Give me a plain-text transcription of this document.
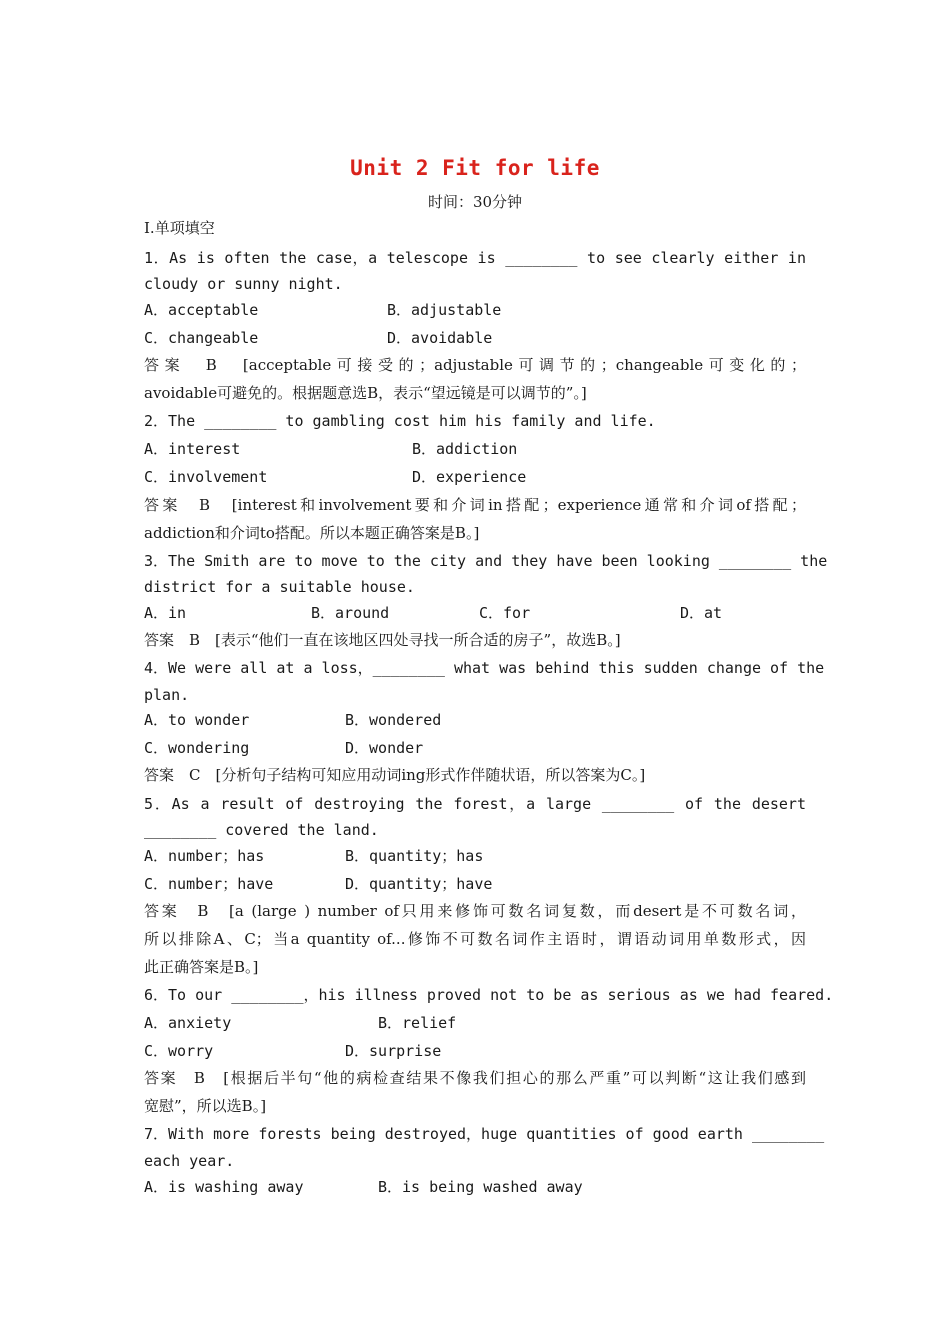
Unit 2 Fit for life
时间：30分钟
Ⅰ.单项填空
1．As is often the case，a telescope is ________ to see clearly either in
cloudy or sunny night.
A．acceptable	B．adjustable
C．changeable	D．avoidable
答案　B　[acceptable可接受的；adjustable可调节的；changeable可变化的；
avoidable可避免的。根据题意选B，表示“望远镜是可以调节的”。]
2．The ________ to gambling cost him his family and life.
A．interest	B．addiction
C．involvement	D．experience
答案　B　[interest和involvement要和介词in搭配；experience通常和介词of搭配；
addiction和介词to搭配。所以本题正确答案是B。]
3．The Smith are to move to the city and they have been looking ________ the
district for a suitable house.
A．in	B．around	C．for	D．at
答案　B　[表示“他们一直在该地区四处寻找一所合适的房子”，故选B。]
4．We were all at a loss，________ what was behind this sudden change of the
plan.
A．to wonder	B．wondered
C．wondering	D．wonder
答案　C　[分析句子结构可知应用动词ing形式作伴随状语，所以答案为C。]
5．As a result of destroying the forest，a large ________ of the desert
________ covered the land.
A．number；has	B．quantity；has
C．number；have	D．quantity；have
答案　B　[a (large ) number of只用来修饰可数名词复数，而desert是不可数名词，
所以排除A、C；当a quantity of...修饰不可数名词作主语时，谓语动词用单数形式，因
此正确答案是B。]
6．To our ________，his illness proved not to be as serious as we had feared.
A．anxiety	B．relief
C．worry	D．surprise
答案　B　[根据后半句“他的病检查结果不像我们担心的那么严重”可以判断“这让我们感到
宽慰”，所以选B。]
7．With more forests being destroyed，huge quantities of good earth ________
each year.
A．is washing away	B．is being washed away
